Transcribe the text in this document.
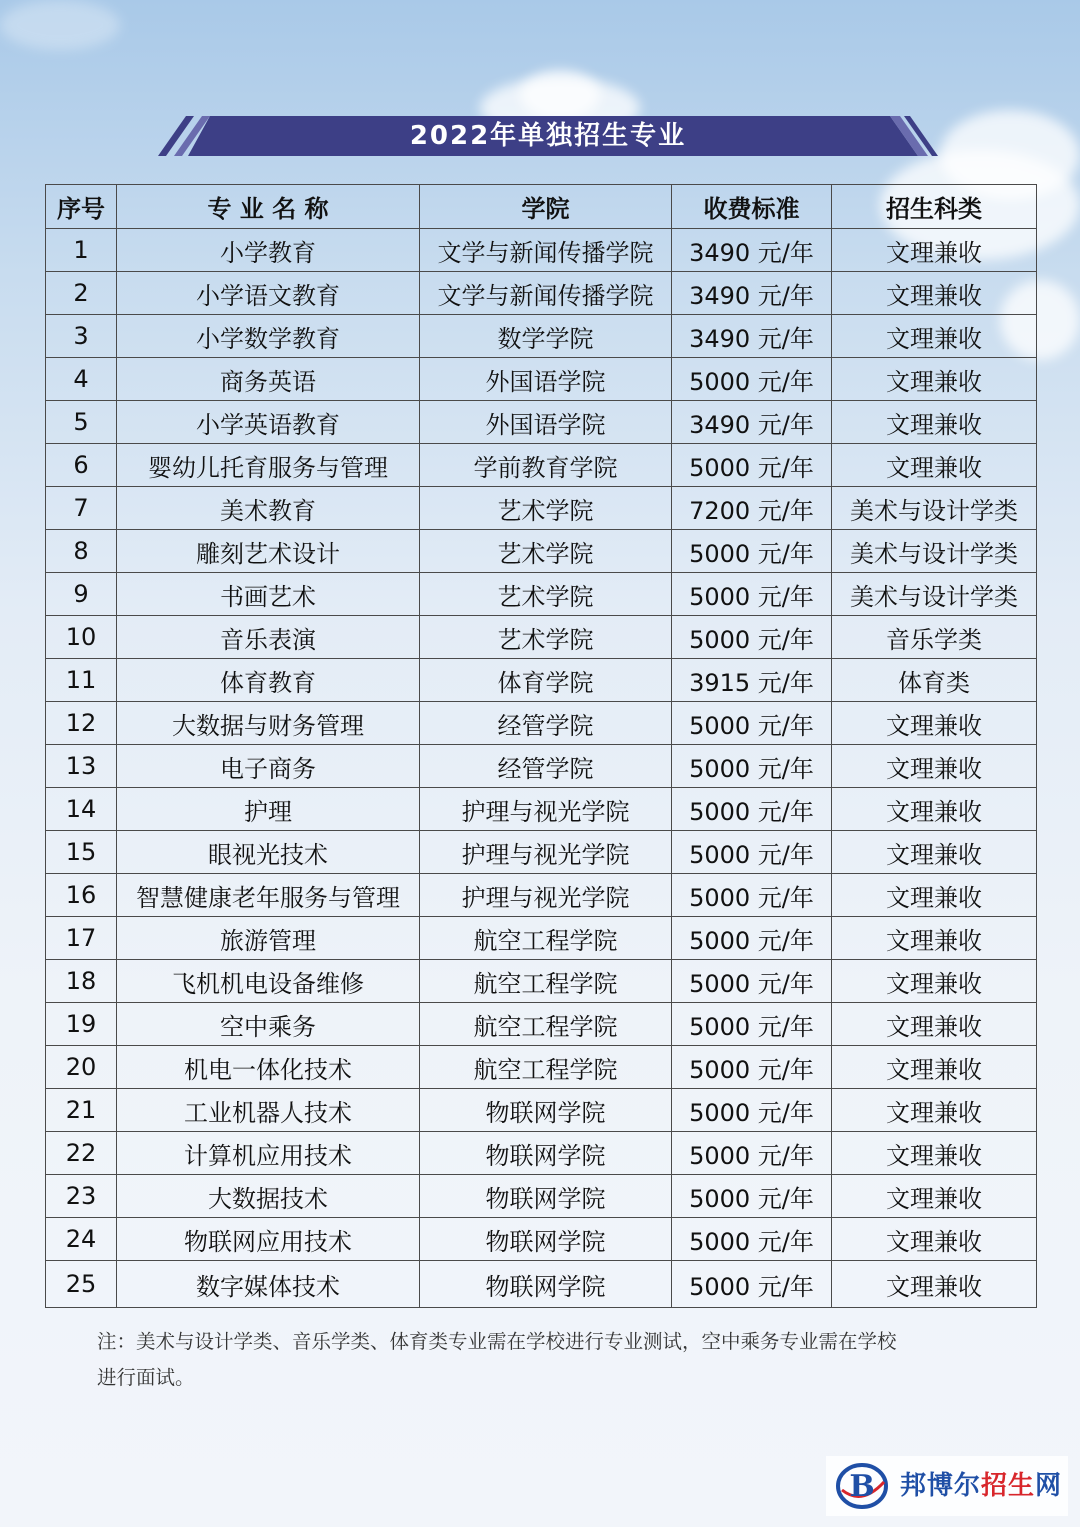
2022年单独招生专业
序号	专 业 名 称	学院	收费标准	招生科类
1	小学教育	文学与新闻传播学院	3490 元/年	文理兼收
2	小学语文教育	文学与新闻传播学院	3490 元/年	文理兼收
3	小学数学教育	数学学院	3490 元/年	文理兼收
4	商务英语	外国语学院	5000 元/年	文理兼收
5	小学英语教育	外国语学院	3490 元/年	文理兼收
6	婴幼儿托育服务与管理	学前教育学院	5000 元/年	文理兼收
7	美术教育	艺术学院	7200 元/年	美术与设计学类
8	雕刻艺术设计	艺术学院	5000 元/年	美术与设计学类
9	书画艺术	艺术学院	5000 元/年	美术与设计学类
10	音乐表演	艺术学院	5000 元/年	音乐学类
11	体育教育	体育学院	3915 元/年	体育类
12	大数据与财务管理	经管学院	5000 元/年	文理兼收
13	电子商务	经管学院	5000 元/年	文理兼收
14	护理	护理与视光学院	5000 元/年	文理兼收
15	眼视光技术	护理与视光学院	5000 元/年	文理兼收
16	智慧健康老年服务与管理	护理与视光学院	5000 元/年	文理兼收
17	旅游管理	航空工程学院	5000 元/年	文理兼收
18	飞机机电设备维修	航空工程学院	5000 元/年	文理兼收
19	空中乘务	航空工程学院	5000 元/年	文理兼收
20	机电一体化技术	航空工程学院	5000 元/年	文理兼收
21	工业机器人技术	物联网学院	5000 元/年	文理兼收
22	计算机应用技术	物联网学院	5000 元/年	文理兼收
23	大数据技术	物联网学院	5000 元/年	文理兼收
24	物联网应用技术	物联网学院	5000 元/年	文理兼收
25	数字媒体技术	物联网学院	5000 元/年	文理兼收
注：美术与设计学类、音乐学类、体育类专业需在学校进行专业测试，空中乘务专业需在学校
进行面试。
B 邦博尔招生网
